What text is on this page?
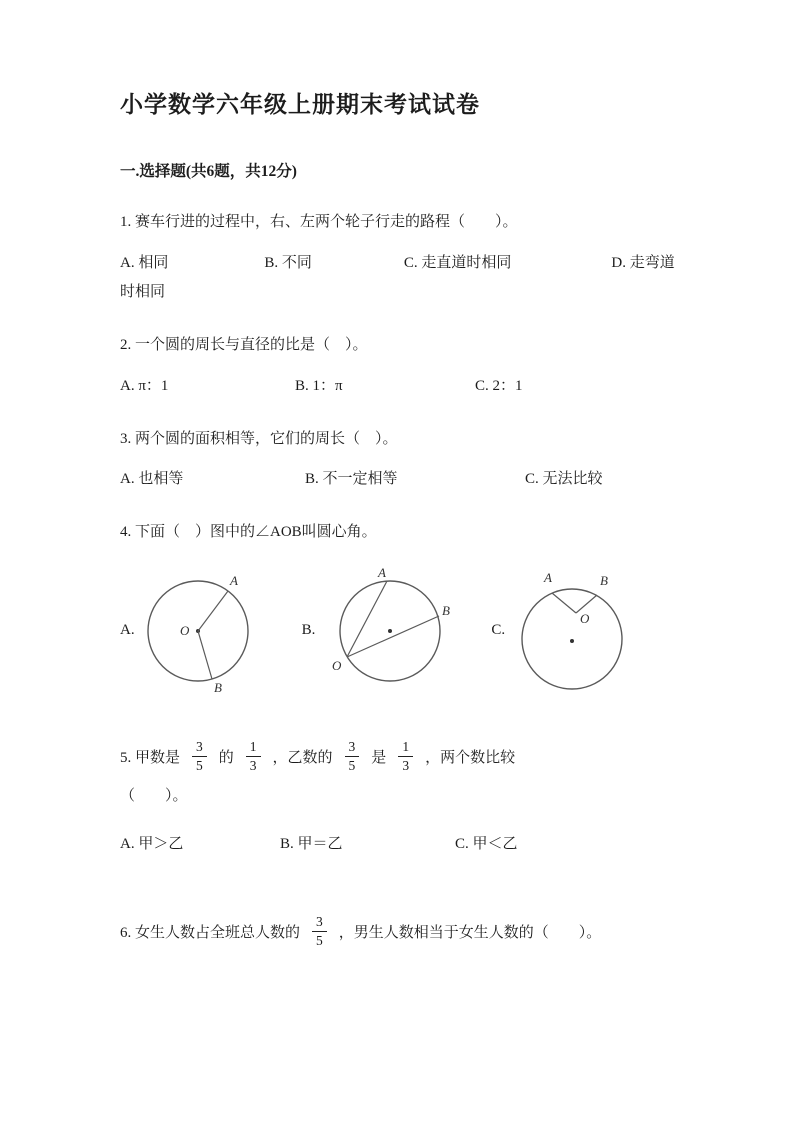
小学数学六年级上册期末考试试卷
一.选择题(共6题，共12分)

1. 赛车行进的过程中，右、左两个轮子行走的路程（　　）。

A. 相同	B. 不同	C. 走直道时相同	D. 走弯道时相同

2. 一个圆的周长与直径的比是（　）。

A. π：1	B. 1：π	C. 2：1

3. 两个圆的面积相等，它们的周长（　）。

A. 也相等	B. 不一定相等	C. 无法比较

4. 下面（　）图中的∠AOB叫圆心角。

A.
A
O
B
B.
A
B
O
C.
A	B
O

5. 甲数是 $\frac{3}{5}$ 的 $\frac{1}{3}$ ，乙数的 $\frac{3}{5}$ 是 $\frac{1}{3}$ ，两个数比较

（　　）。

A. 甲＞乙	B. 甲＝乙	C. 甲＜乙

6. 女生人数占全班总人数的 $\frac{3}{5}$ ，男生人数相当于女生人数的（　　）。
